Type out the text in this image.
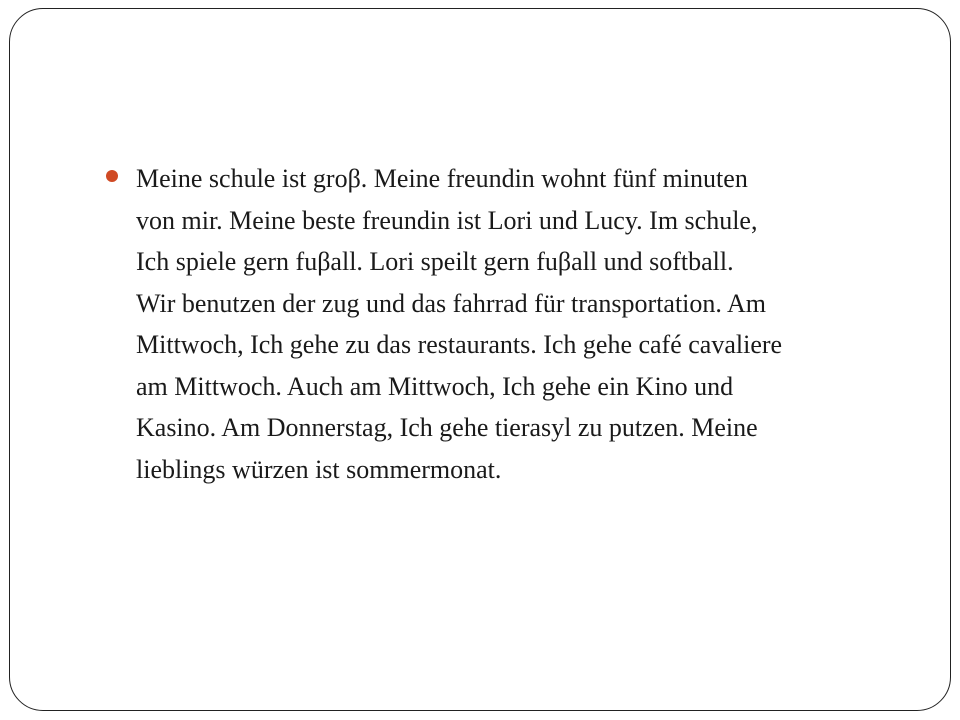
Meine schule ist groβ. Meine freundin wohnt fünf minuten
von mir. Meine beste freundin ist Lori und Lucy. Im schule,
Ich spiele gern fuβall. Lori speilt gern fuβall und softball.
Wir benutzen der zug und das fahrrad für transportation. Am
Mittwoch, Ich gehe zu das restaurants. Ich gehe café cavaliere
am Mittwoch. Auch am Mittwoch, Ich gehe ein Kino und
Kasino. Am Donnerstag, Ich gehe tierasyl zu putzen. Meine
lieblings würzen ist sommermonat.
